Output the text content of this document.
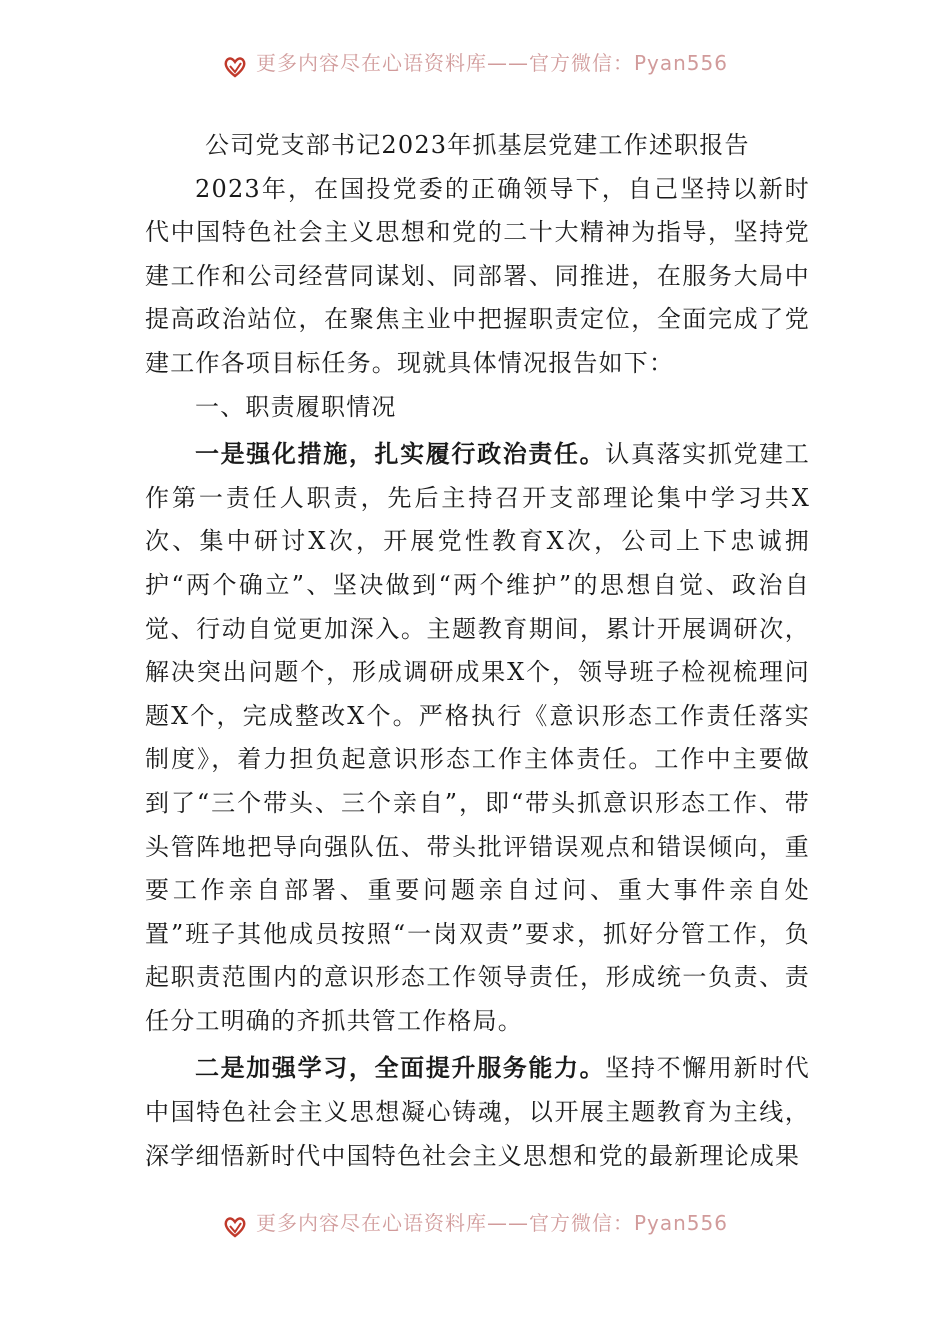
更多内容尽在心语资料库——官方微信：Pyan556
公司党支部书记2023年抓基层党建工作述职报告

2023年，在国投党委的正确领导下，自己坚持以新时代中国特色社会主义思想和党的二十大精神为指导，坚持党建工作和公司经营同谋划、同部署、同推进，在服务大局中提高政治站位，在聚焦主业中把握职责定位，全面完成了党建工作各项目标任务。现就具体情况报告如下：

一、职责履职情况

一是强化措施，扎实履行政治责任。认真落实抓党建工作第一责任人职责，先后主持召开支部理论集中学习共X次、集中研讨X次，开展党性教育X次，公司上下忠诚拥护“两个确立”、坚决做到“两个维护”的思想自觉、政治自觉、行动自觉更加深入。主题教育期间，累计开展调研次，解决突出问题个，形成调研成果X个，领导班子检视梳理问题X个，完成整改X个。严格执行《意识形态工作责任落实制度》，着力担负起意识形态工作主体责任。工作中主要做到了“三个带头、三个亲自”，即“带头抓意识形态工作、带头管阵地把导向强队伍、带头批评错误观点和错误倾向，重要工作亲自部署、重要问题亲自过问、重大事件亲自处置”班子其他成员按照“一岗双责”要求，抓好分管工作，负起职责范围内的意识形态工作领导责任，形成统一负责、责任分工明确的齐抓共管工作格局。

二是加强学习，全面提升服务能力。坚持不懈用新时代中国特色社会主义思想凝心铸魂，以开展主题教育为主线，深学细悟新时代中国特色社会主义思想和党的最新理论成果

更多内容尽在心语资料库——官方微信：Pyan556
